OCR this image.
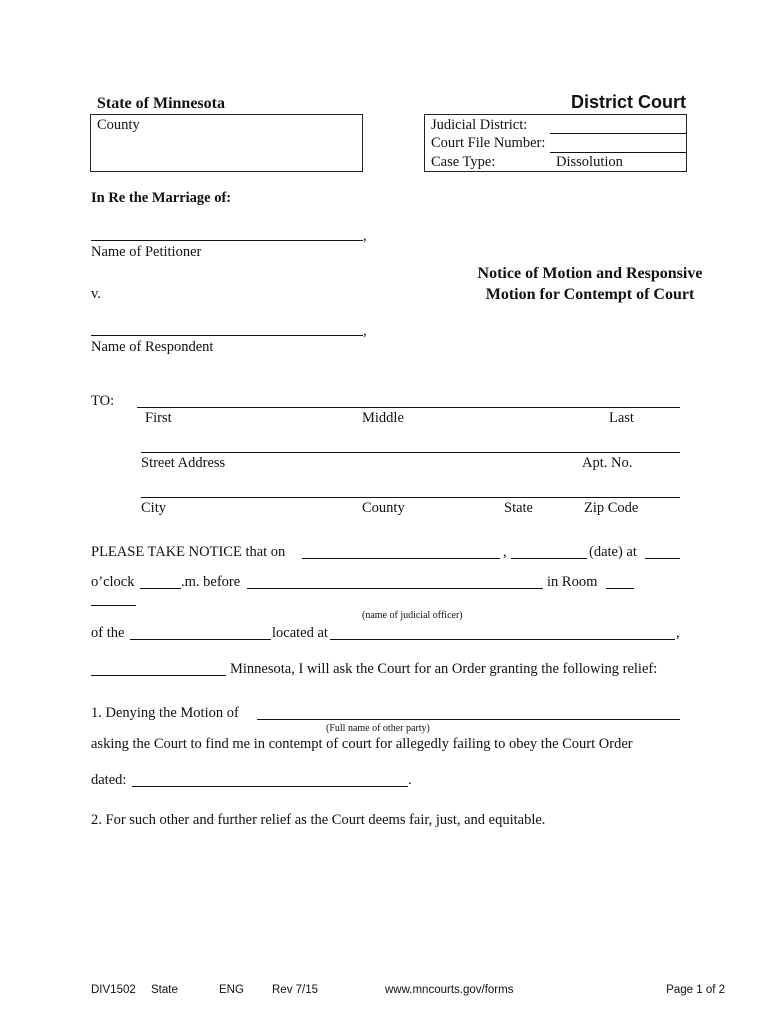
State of Minnesota	District Court
County	Judicial District:
Court File Number:
Case Type:	Dissolution
In Re the Marriage of:
,
Name of Petitioner
Notice of Motion and Responsive
Motion for Contempt of Court
v.
,
Name of Respondent
TO:
First	Middle	Last
Street Address	Apt. No.
City	County	State	Zip Code
PLEASE TAKE NOTICE that on	,	(date) at
o’clock	.m. before	in Room
(name of judicial officer)
of the	located at	,
Minnesota, I will ask the Court for an Order granting the following relief:
1. Denying the Motion of
(Full name of other party)
asking the Court to find me in contempt of court for allegedly failing to obey the Court Order
dated:	.
2. For such other and further relief as the Court deems fair, just, and equitable.
DIV1502 State	ENG Rev 7/15	www.mncourts.gov/forms	Page 1 of 2
